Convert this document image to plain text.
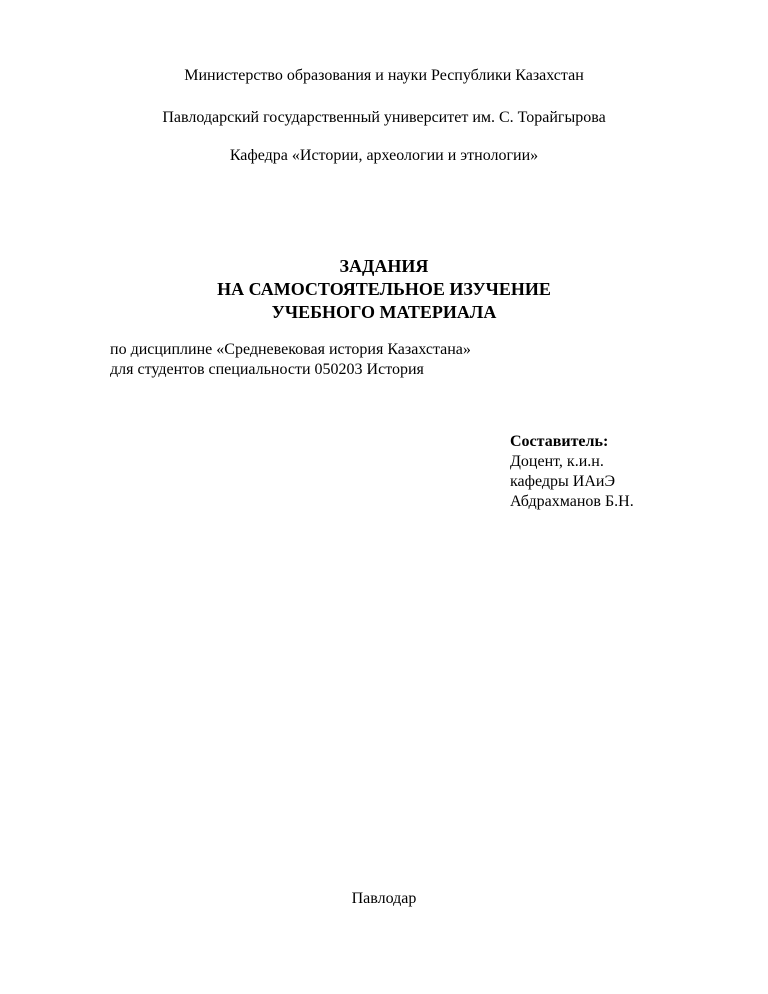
Министерство образования и науки Республики Казахстан
Павлодарский государственный университет им. С. Торайгырова
Кафедра «Истории, археологии и этнологии»
ЗАДАНИЯ
НА САМОСТОЯТЕЛЬНОЕ ИЗУЧЕНИЕ
УЧЕБНОГО МАТЕРИАЛА
по дисциплине «Средневековая история Казахстана»
для студентов специальности 050203 История
Составитель:
Доцент, к.и.н.
кафедры ИАиЭ
Абдрахманов Б.Н.
Павлодар
